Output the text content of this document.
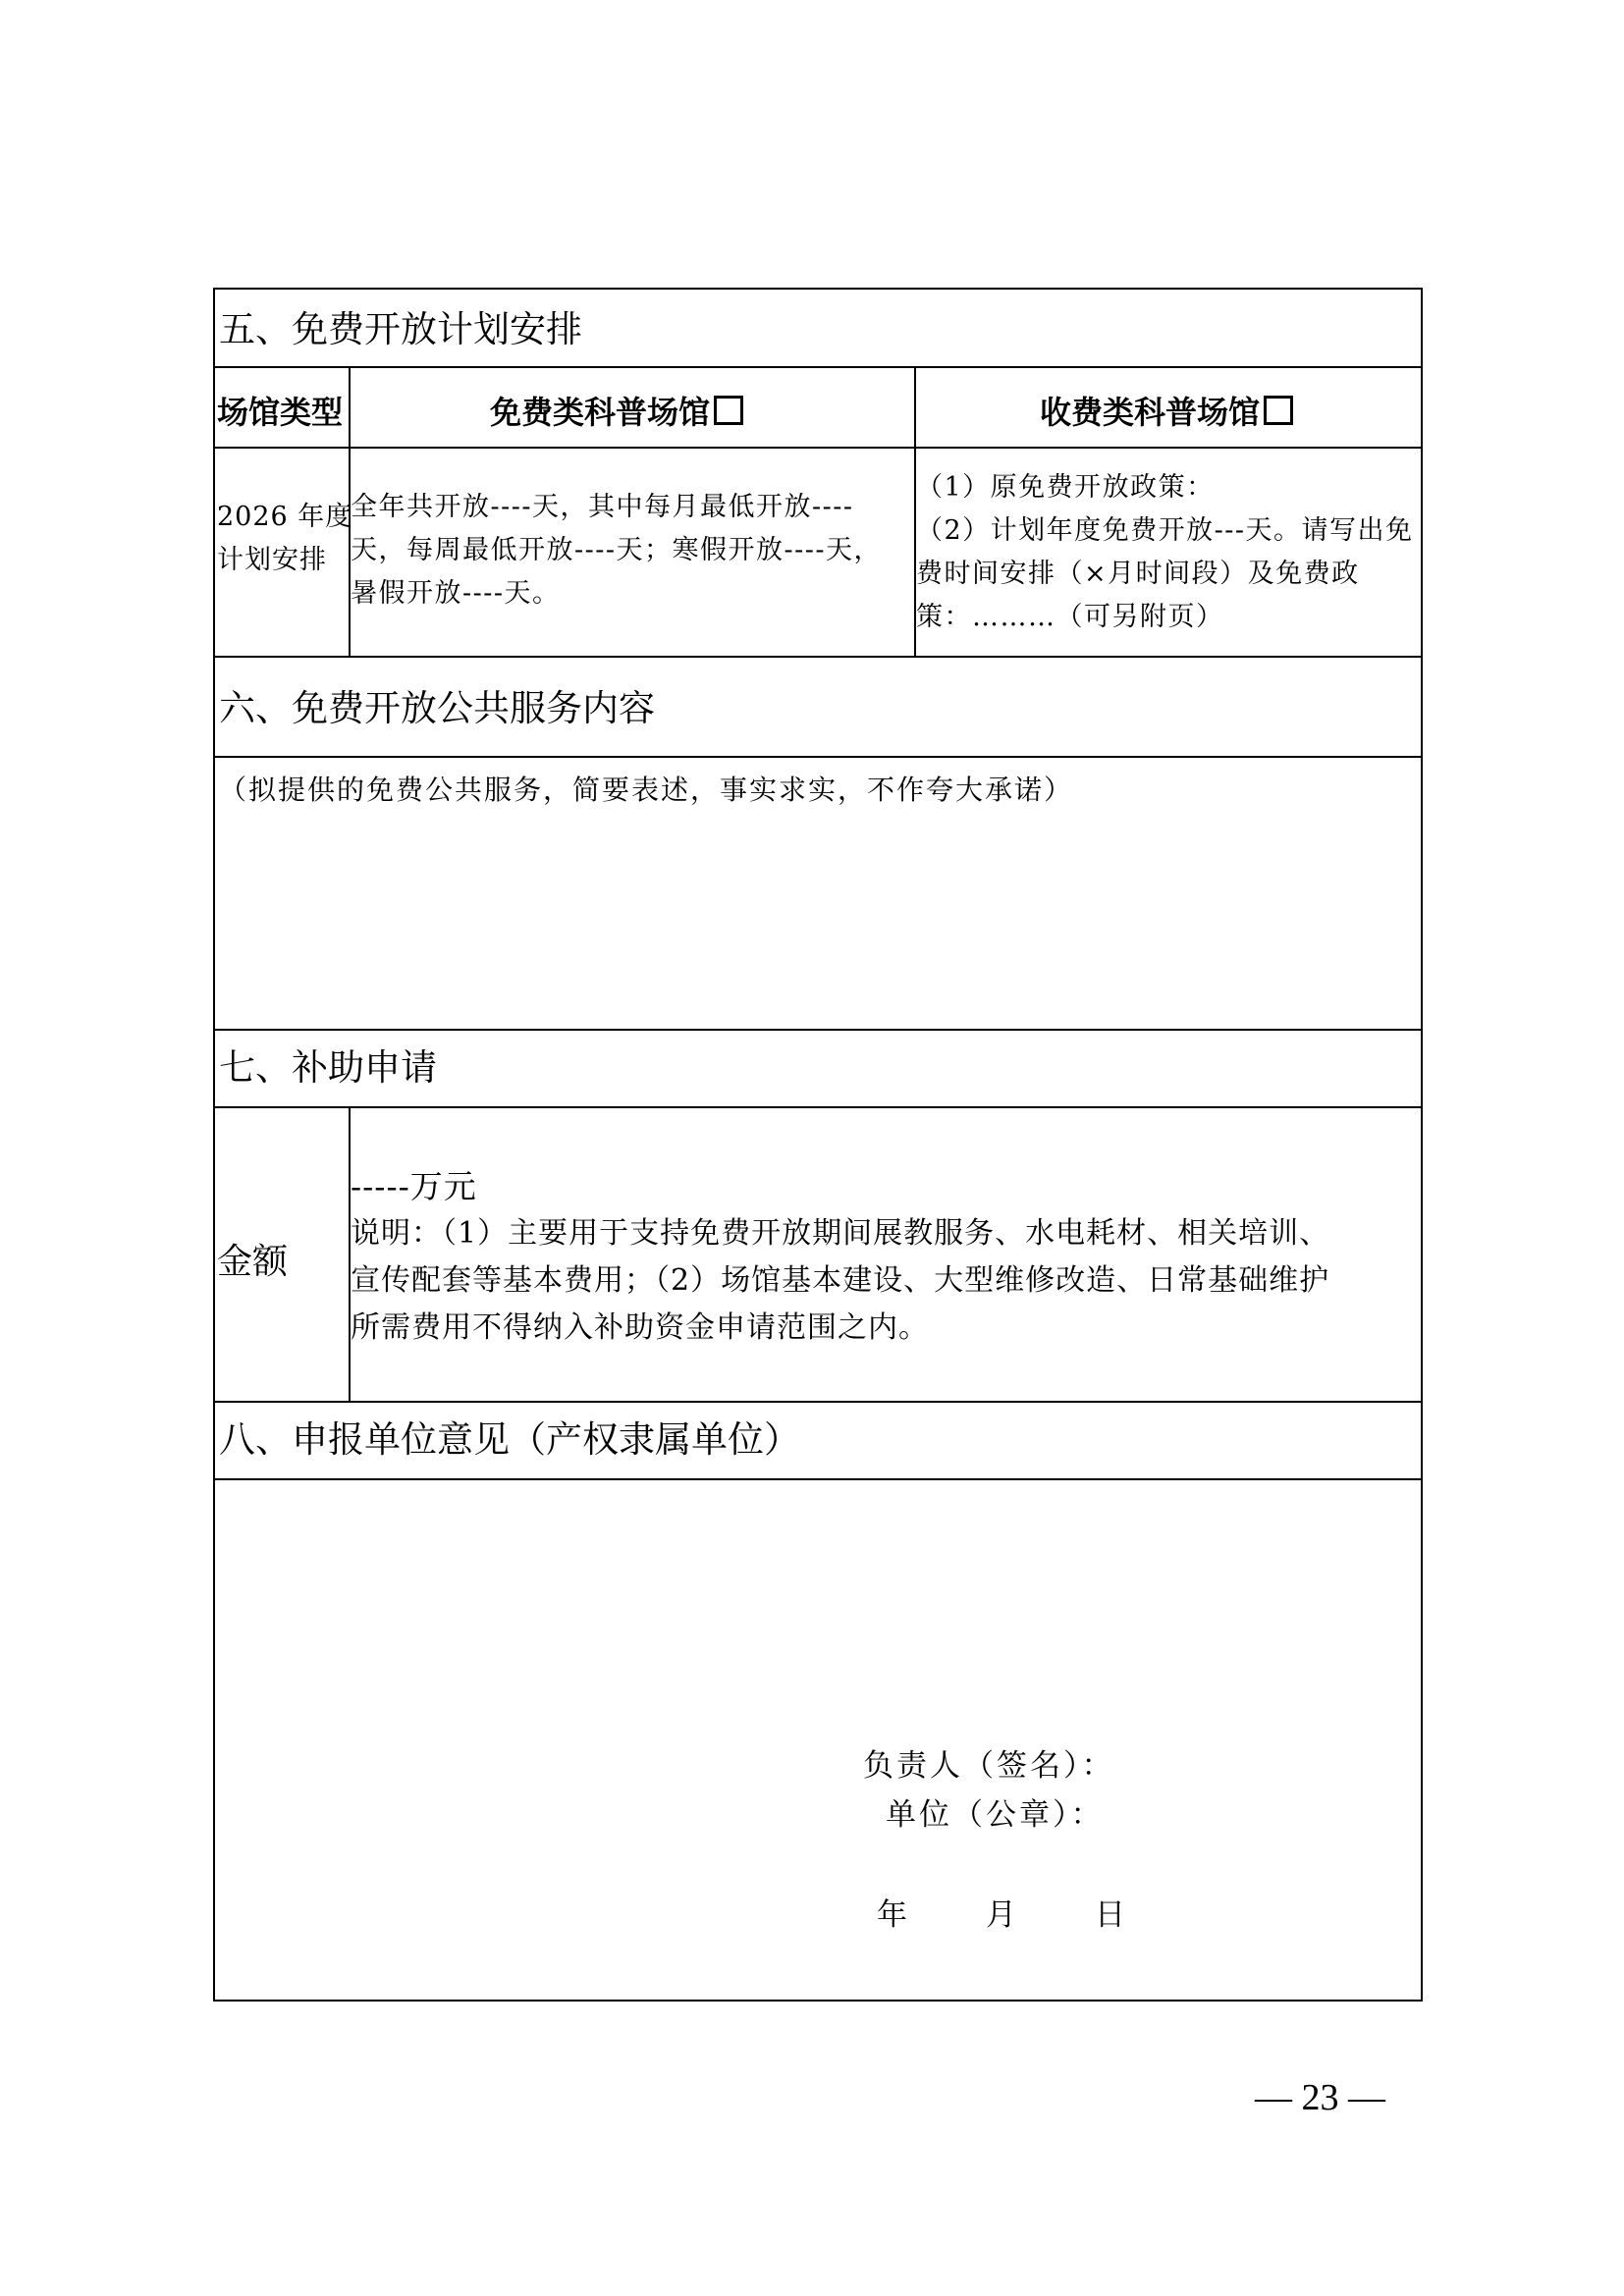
五、免费开放计划安排
场馆类型	免费类科普场馆	收费类科普场馆
2026 年度
计划安排
全年共开放----天，其中每月最低开放----
天，每周最低开放----天；寒假开放----天，
暑假开放----天。
（1）原免费开放政策：
（2）计划年度免费开放---天。请写出免
费时间安排（×月时间段）及免费政
策：………（可另附页）
六、免费开放公共服务内容
（拟提供的免费公共服务，简要表述，事实求实，不作夸大承诺）
七、补助申请
金额
-----万元
说明：（1）主要用于支持免费开放期间展教服务、水电耗材、相关培训、
宣传配套等基本费用；（2）场馆基本建设、大型维修改造、日常基础维护
所需费用不得纳入补助资金申请范围之内。
八、申报单位意见（产权隶属单位）
负责人（签名）：
单位（公章）：
年　　月　　日
— 23 —
